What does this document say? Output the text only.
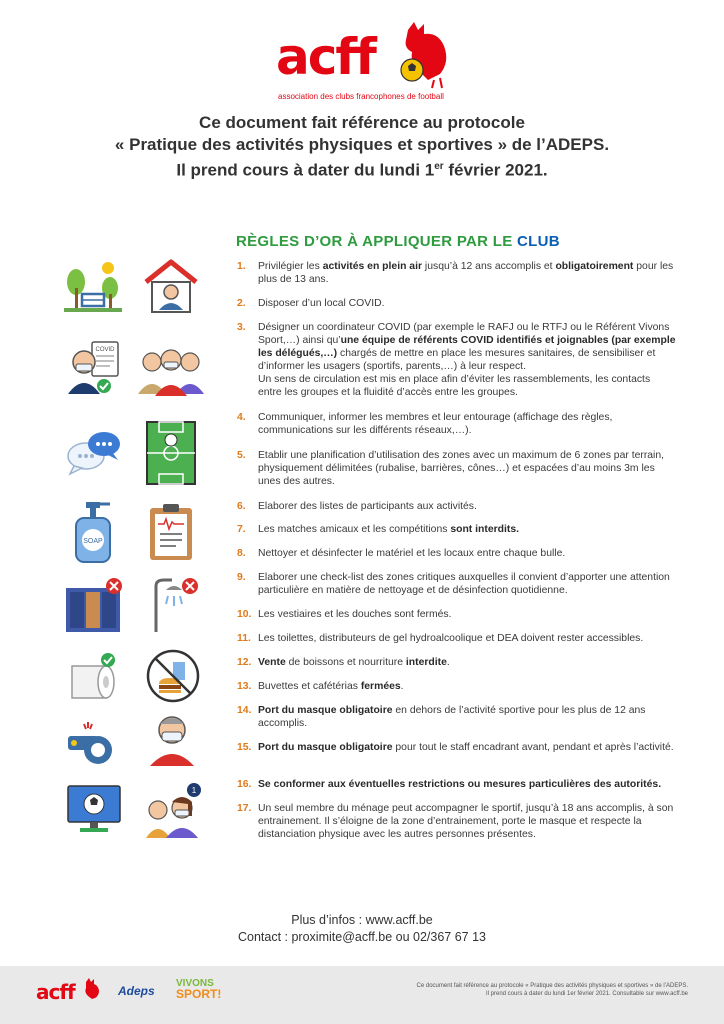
acff
association des clubs francophones de football

Ce document fait référence au protocole

« Pratique des activités physiques et sportives » de l’ADEPS.

Il prend cours à dater du lundi 1er février 2021.

RÈGLES D’OR À APPLIQUER PAR LE CLUB
COVID
SOAP
1
1.	Privilégier les activités en plein air jusqu’à 12 ans accomplis et obligatoirement pour les plus de 13 ans.
2.	Disposer d’un local COVID.
3.	Désigner un coordinateur COVID (par exemple le RAFJ ou le RTFJ ou le Référent Vivons Sport,…) ainsi qu’une équipe de référents COVID identifiés et joignables (par exemple les délégués,…) chargés de mettre en place les mesures sanitaires, de sensibiliser et d’informer les usagers (sportifs, parents,…) à leur respect.
Un sens de circulation est mis en place afin d’éviter les rassemblements, les contacts entre les groupes et la fluidité d’accès entre les groupes.
4.	Communiquer, informer les membres et leur entourage (affichage des règles, communications sur les différents réseaux,…).
5.	Etablir une planification d’utilisation des zones avec un maximum de 6 zones par terrain, physiquement délimitées (rubalise, barrières, cônes…) et espacées d’au moins 3m les unes des autres.
6.	Elaborer des listes de participants aux activités.
7.	Les matches amicaux et les compétitions sont interdits.
8.	Nettoyer et désinfecter le matériel et les locaux entre chaque bulle.
9.	Elaborer une check-list des zones critiques auxquelles il convient d’apporter une attention particulière en matière de nettoyage et de désinfection quotidienne.
10. Les vestiaires et les douches sont fermés.
11. Les toilettes, distributeurs de gel hydroalcoolique et DEA doivent rester accessibles.
12. Vente de boissons et nourriture interdite.
13. Buvettes et cafétérias fermées.
14. Port du masque obligatoire en dehors de l’activité sportive pour les plus de 12 ans accomplis.
15. Port du masque obligatoire pour tout le staff encadrant avant, pendant et après l’activité.
16. Se conformer aux éventuelles restrictions ou mesures particulières des autorités.
17. Un seul membre du ménage peut accompagner le sportif, jusqu’à 18 ans accomplis, à son entrainement. Il s’éloigne de la zone d’entrainement, porte le masque et respecte la distanciation physique avec les autres personnes présentes.
Plus d’infos : www.acff.be
Contact : proximite@acff.be ou 02/367 67 13
acff	Adeps
VIVONS
SPORT!
Ce document fait référence au protocole « Pratique des activités physiques et sportives » de l’ADEPS.
Il prend cours à dater du lundi 1er février 2021. Consultable sur www.acff.be
